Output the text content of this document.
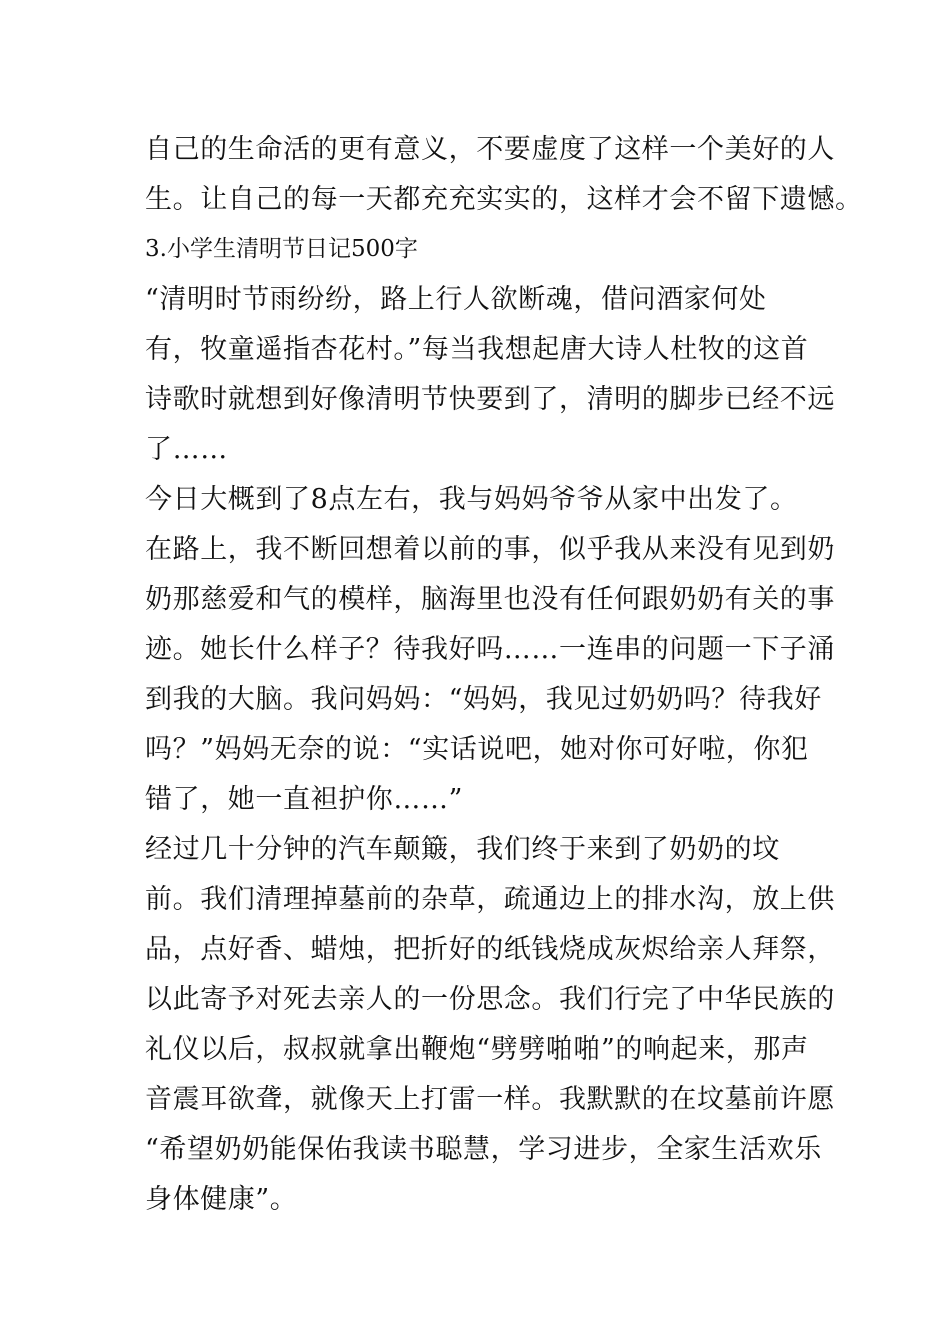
自己的生命活的更有意义，不要虚度了这样一个美好的人
生。让自己的每一天都充充实实的，这样才会不留下遗憾。
3.小学生清明节日记500字
“清明时节雨纷纷，路上行人欲断魂，借问酒家何处
有，牧童遥指杏花村。”每当我想起唐大诗人杜牧的这首
诗歌时就想到好像清明节快要到了，清明的脚步已经不远
了……
今日大概到了8点左右，我与妈妈爷爷从家中出发了。
在路上，我不断回想着以前的事，似乎我从来没有见到奶
奶那慈爱和气的模样，脑海里也没有任何跟奶奶有关的事
迹。她长什么样子？待我好吗……一连串的问题一下子涌
到我的大脑。我问妈妈：“妈妈，我见过奶奶吗？待我好
吗？”妈妈无奈的说：“实话说吧，她对你可好啦，你犯
错了，她一直袒护你……”
经过几十分钟的汽车颠簸，我们终于来到了奶奶的坟
前。我们清理掉墓前的杂草，疏通边上的排水沟，放上供
品，点好香、蜡烛，把折好的纸钱烧成灰烬给亲人拜祭，
以此寄予对死去亲人的一份思念。我们行完了中华民族的
礼仪以后，叔叔就拿出鞭炮“劈劈啪啪”的响起来，那声
音震耳欲聋，就像天上打雷一样。我默默的在坟墓前许愿
“希望奶奶能保佑我读书聪慧，学习进步，全家生活欢乐
身体健康”。
